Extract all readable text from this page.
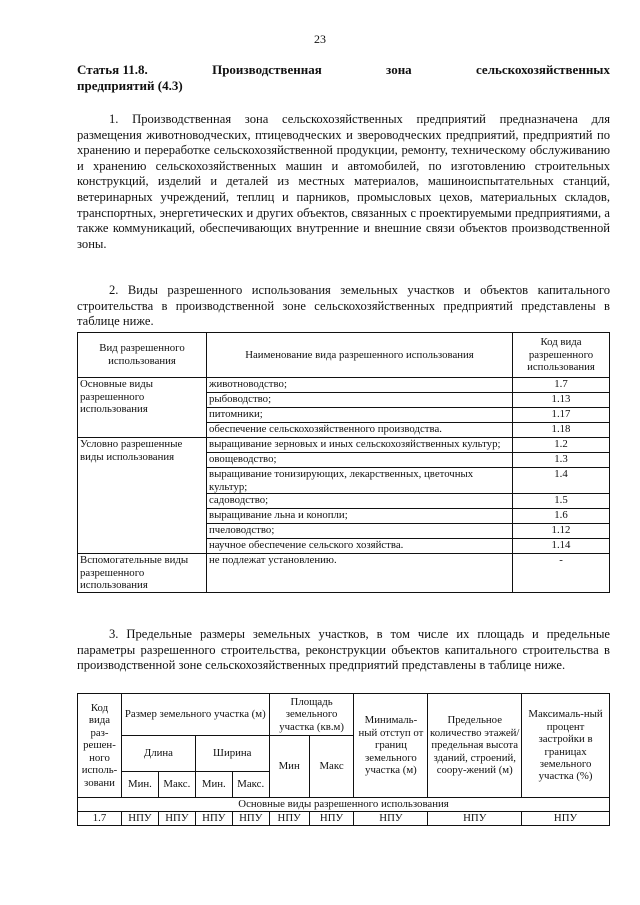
23
Статья 11.8.	Производственная	зона	сельскохозяйственных
предприятий (4.3)

1. Производственная зона сельскохозяйственных предприятий предназначена для размещения животноводческих, птицеводческих и звероводческих предприятий, предприятий по хранению и переработке сельскохозяйственной продукции, ремонту, техническому обслуживанию и хранению сельскохозяйственных машин и автомобилей, по изготовлению строительных конструкций, изделий и деталей из местных материалов, машиноиспытательных станций, ветеринарных учреждений, теплиц и парников, промысловых цехов, материальных складов, транспортных, энергетических и других объектов, связанных с проектируемыми предприятиями, а также коммуникаций, обеспечивающих внутренние и внешние связи объектов производственной зоны.

2. Виды разрешенного использования земельных участков и объектов капитального строительства в производственной зоне сельскохозяйственных предприятий представлены в таблице ниже.

Вид разрешенного использования	Наименование вида разрешенного использования	Код вида разрешенного использования
Основные виды разрешенного использования	животноводство;	1.7
	рыбоводство;	1.13
	питомники;	1.17
	обеспечение сельскохозяйственного производства.	1.18
Условно разрешенные виды использования	выращивание зерновых и иных сельскохозяйственных культур;	1.2
	овощеводство;	1.3
	выращивание тонизирующих, лекарственных, цветочных культур;	1.4
	садоводство;	1.5
	выращивание льна и конопли;	1.6
	пчеловодство;	1.12
	научное обеспечение сельского хозяйства.	1.14
Вспомогательные виды разрешенного использования	не подлежат установлению.	-

3. Предельные размеры земельных участков, в том числе их площадь и предельные параметры разрешенного строительства, реконструкции объектов капитального строительства в производственной зоне сельскохозяйственных предприятий представлены в таблице ниже.

Код вида раз-решен-ного исполь-зовани	Размер земельного участка (м)				Площадь земельного участка (кв.м)		Минималь-ный отступ от границ земельного участка (м)	Предельное количество этажей/ предельная высота зданий, строений, соору-жений (м)	Максималь-ный процент застройки в границах земельного участка (%)
	Длина		Ширина		Мин	Макс			
	Мин.	Макс.	Мин.	Макс.					
Основные виды разрешенного использования									
1.7	НПУ	НПУ	НПУ	НПУ	НПУ	НПУ	НПУ	НПУ	НПУ
